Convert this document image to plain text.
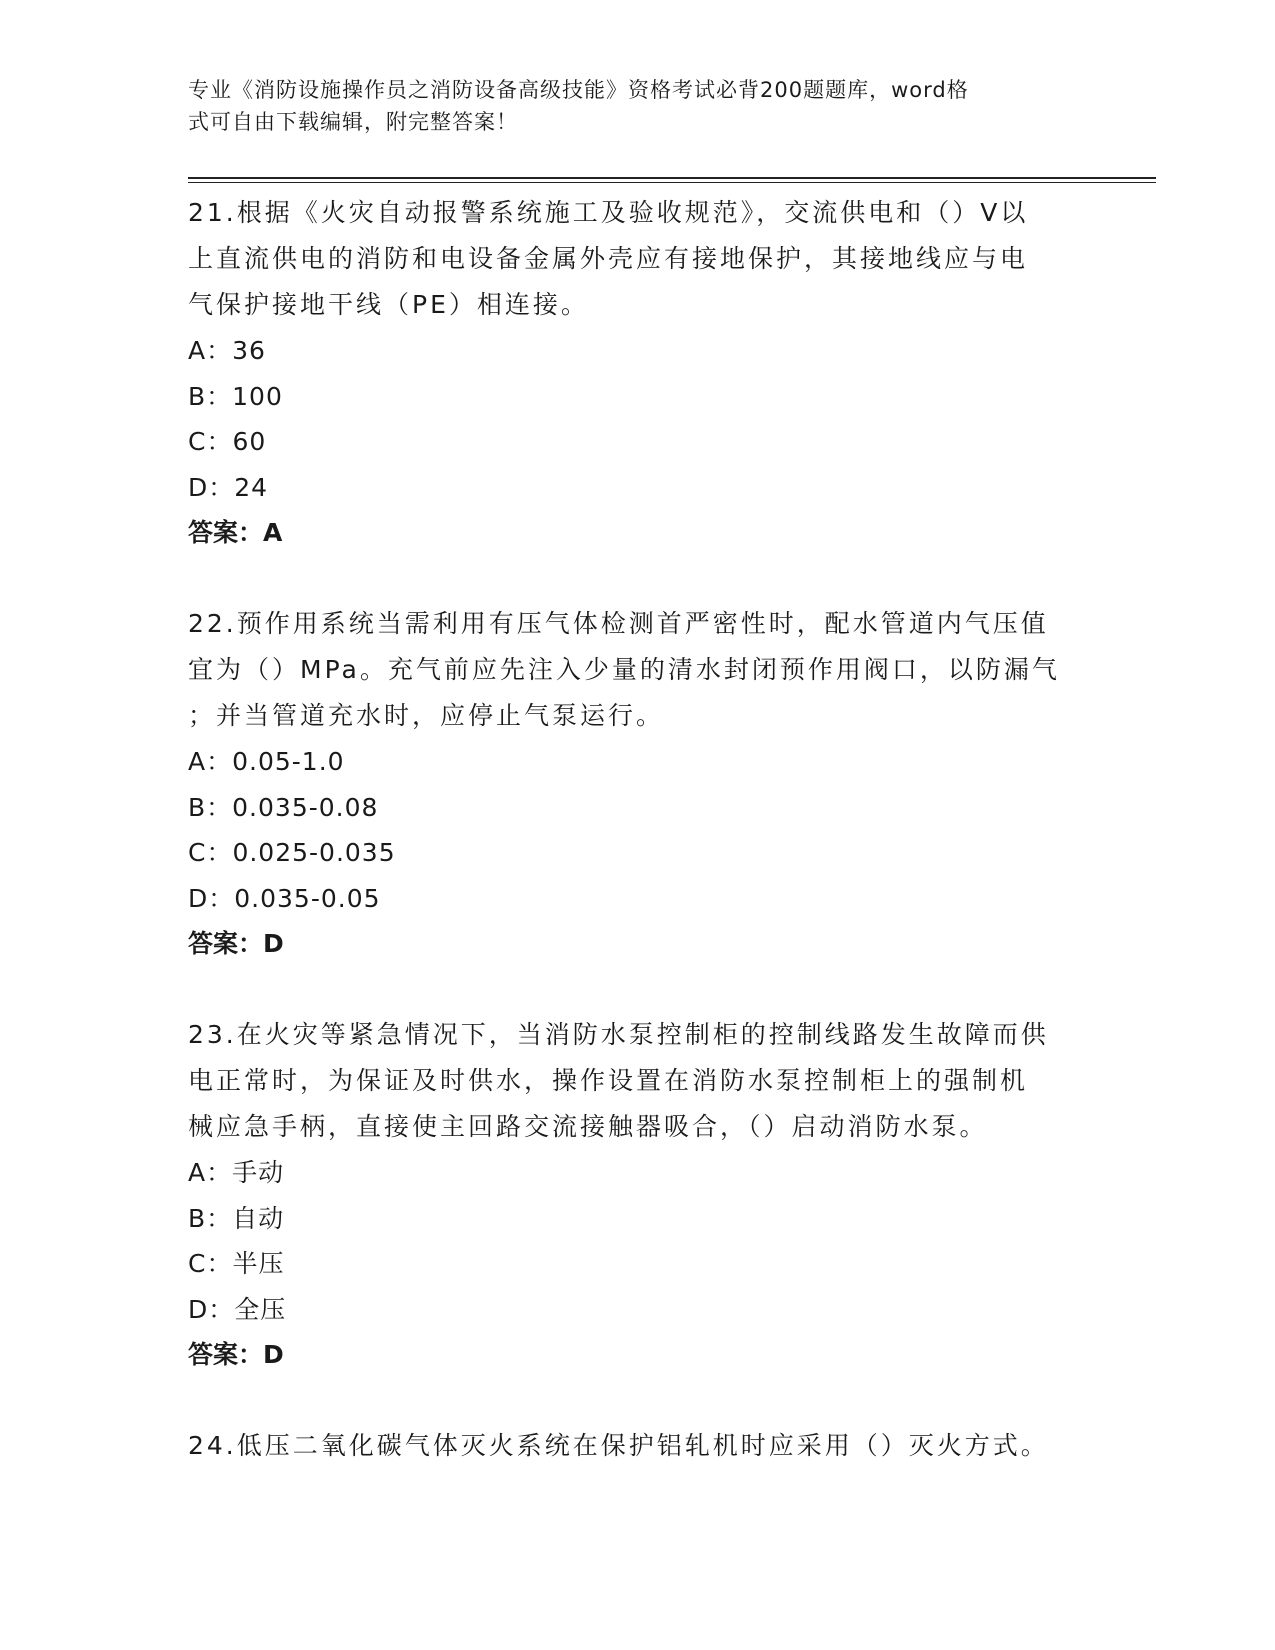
专业《消防设施操作员之消防设备高级技能》资格考试必背200题题库，word格
式可自由下载编辑，附完整答案！

21.根据《火灾自动报警系统施工及验收规范》，交流供电和（）V以

上直流供电的消防和电设备金属外壳应有接地保护，其接地线应与电

气保护接地干线（PE）相连接。

A：36

B：100

C：60

D：24

答案：A

22.预作用系统当需利用有压气体检测首严密性时，配水管道内气压值

宜为（）MPa。充气前应先注入少量的清水封闭预作用阀口，以防漏气

；并当管道充水时，应停止气泵运行。

A：0.05-1.0

B：0.035-0.08

C：0.025-0.035

D：0.035-0.05

答案：D

23.在火灾等紧急情况下，当消防水泵控制柜的控制线路发生故障而供

电正常时，为保证及时供水，操作设置在消防水泵控制柜上的强制机

械应急手柄，直接使主回路交流接触器吸合，（）启动消防水泵。

A：手动

B：自动

C：半压

D：全压

答案：D

24.低压二氧化碳气体灭火系统在保护铝轧机时应采用（）灭火方式。
